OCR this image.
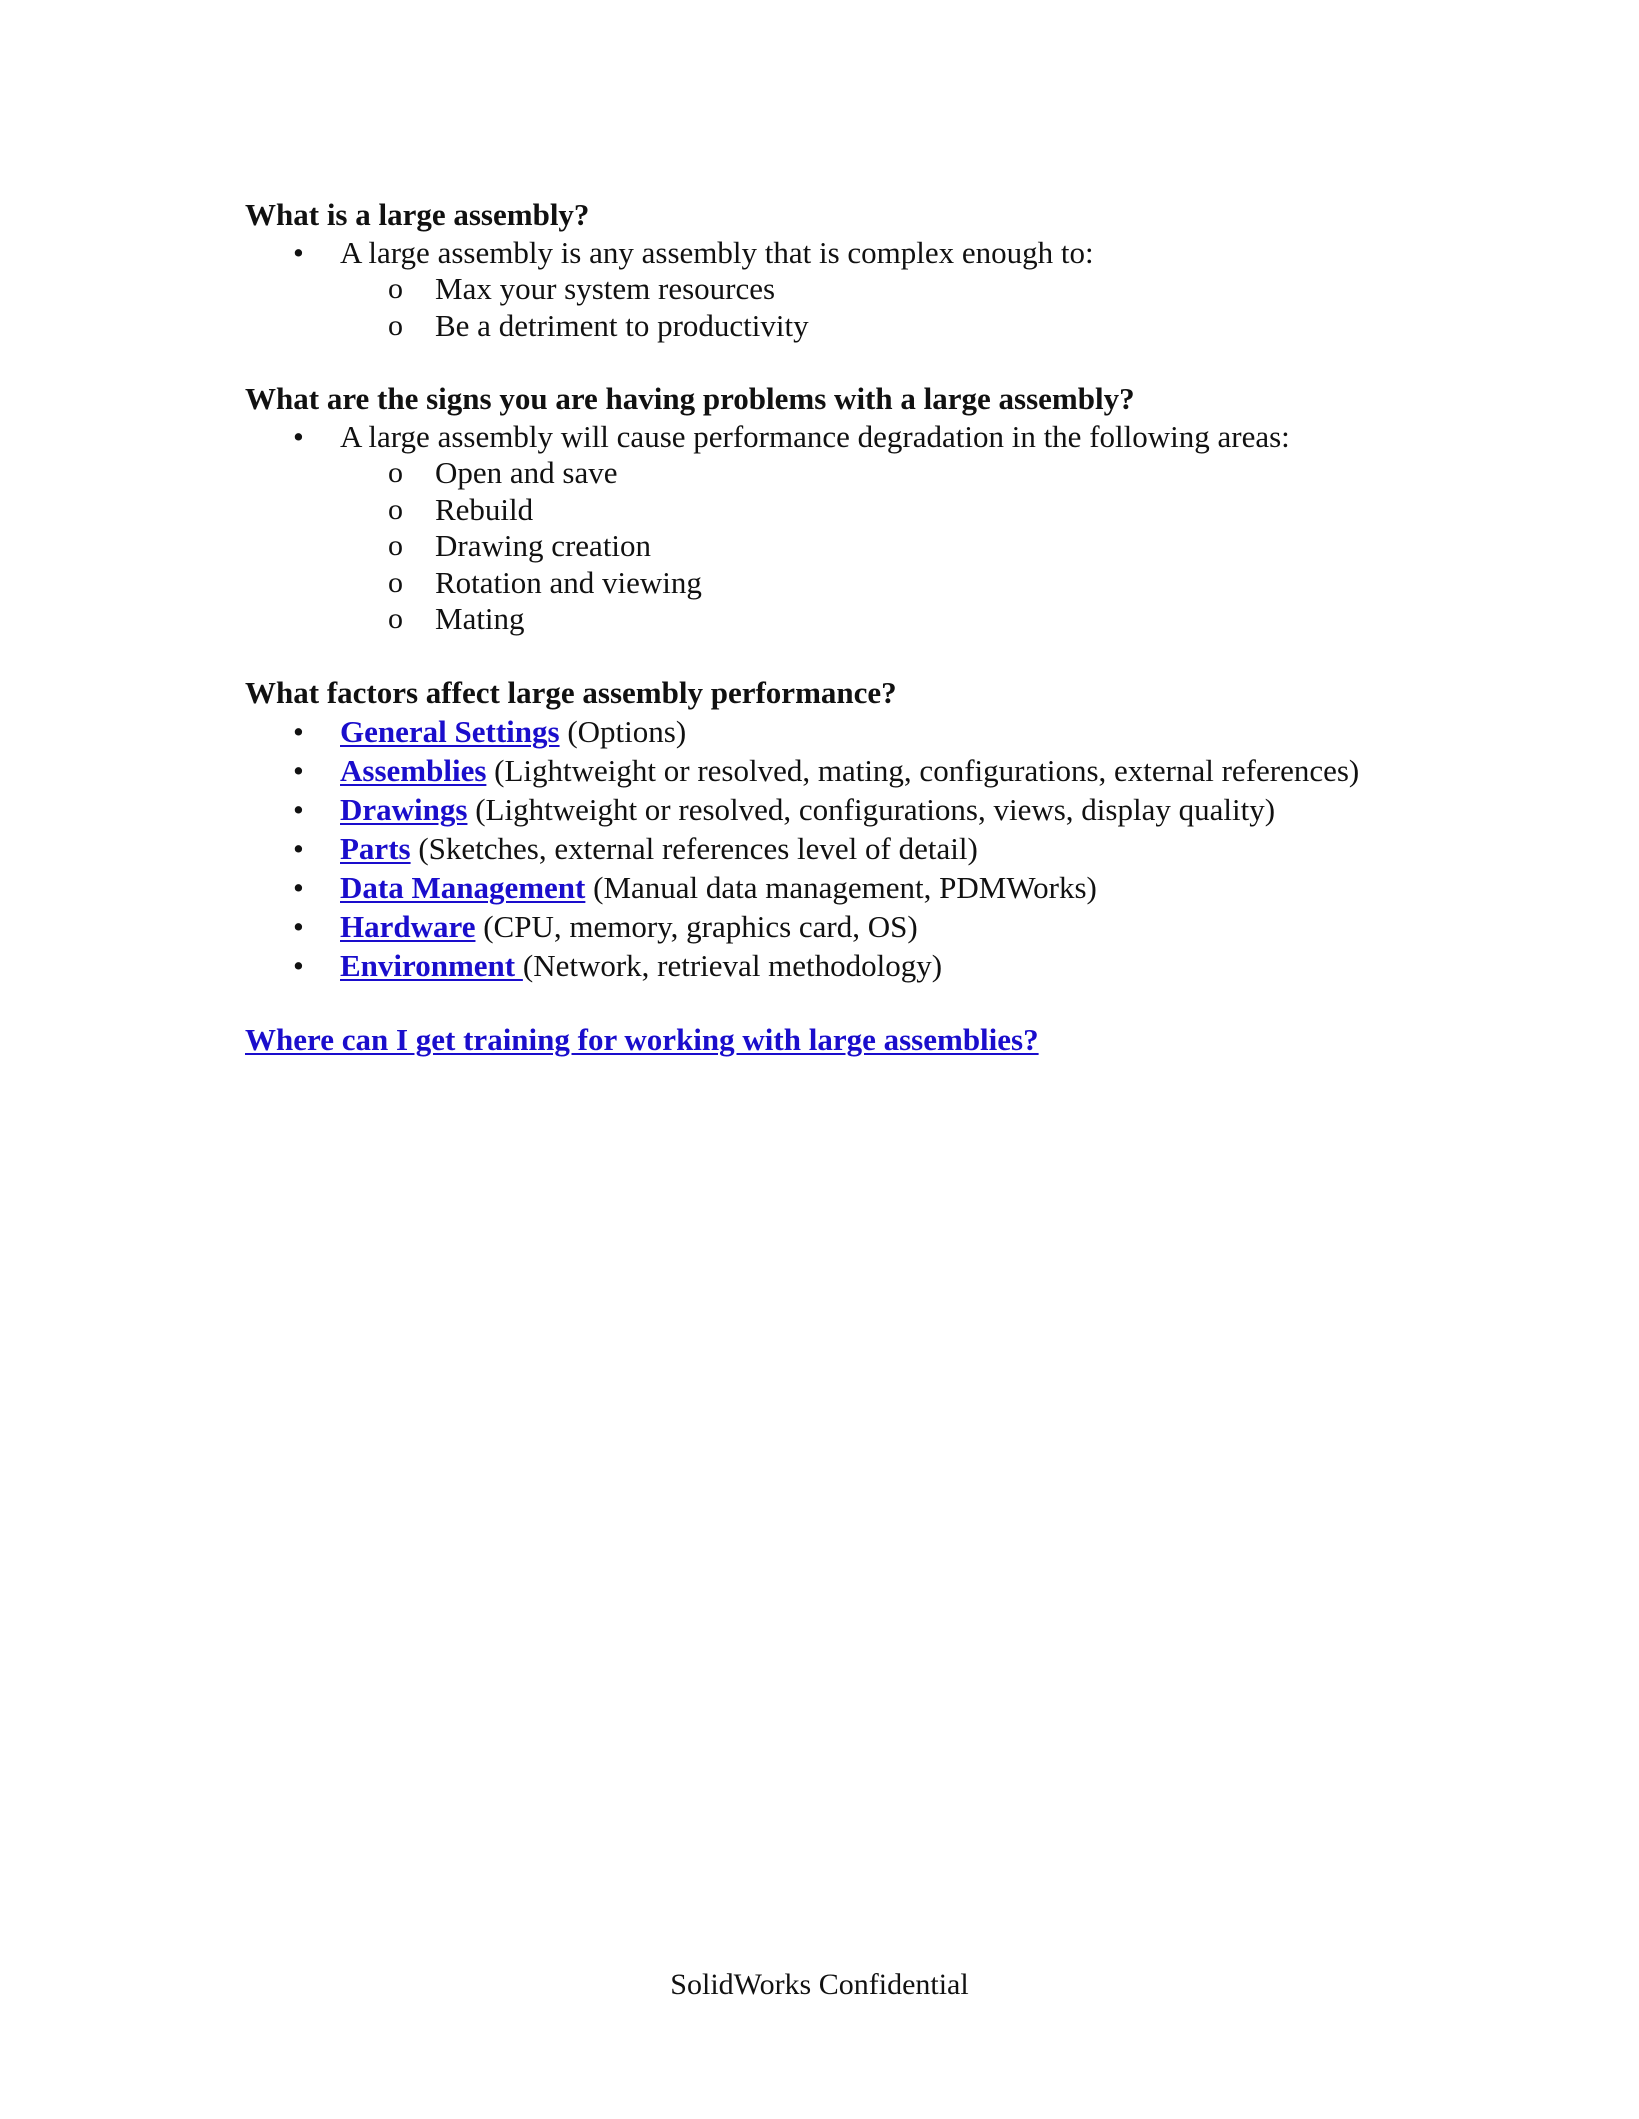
What is a large assembly?

• A large assembly is any assembly that is complex enough to:
o Max your system resources
o Be a detriment to productivity

What are the signs you are having problems with a large assembly?

• A large assembly will cause performance degradation in the following areas:
o Open and save
o Rebuild
o Drawing creation
o Rotation and viewing
o Mating

What factors affect large assembly performance?

• General Settings (Options)
• Assemblies (Lightweight or resolved, mating, configurations, external references)
• Drawings (Lightweight or resolved, configurations, views, display quality)
• Parts (Sketches, external references level of detail)
• Data Management (Manual data management, PDMWorks)
• Hardware (CPU, memory, graphics card, OS)
• Environment (Network, retrieval methodology)
Where can I get training for working with large assemblies?
SolidWorks Confidential
